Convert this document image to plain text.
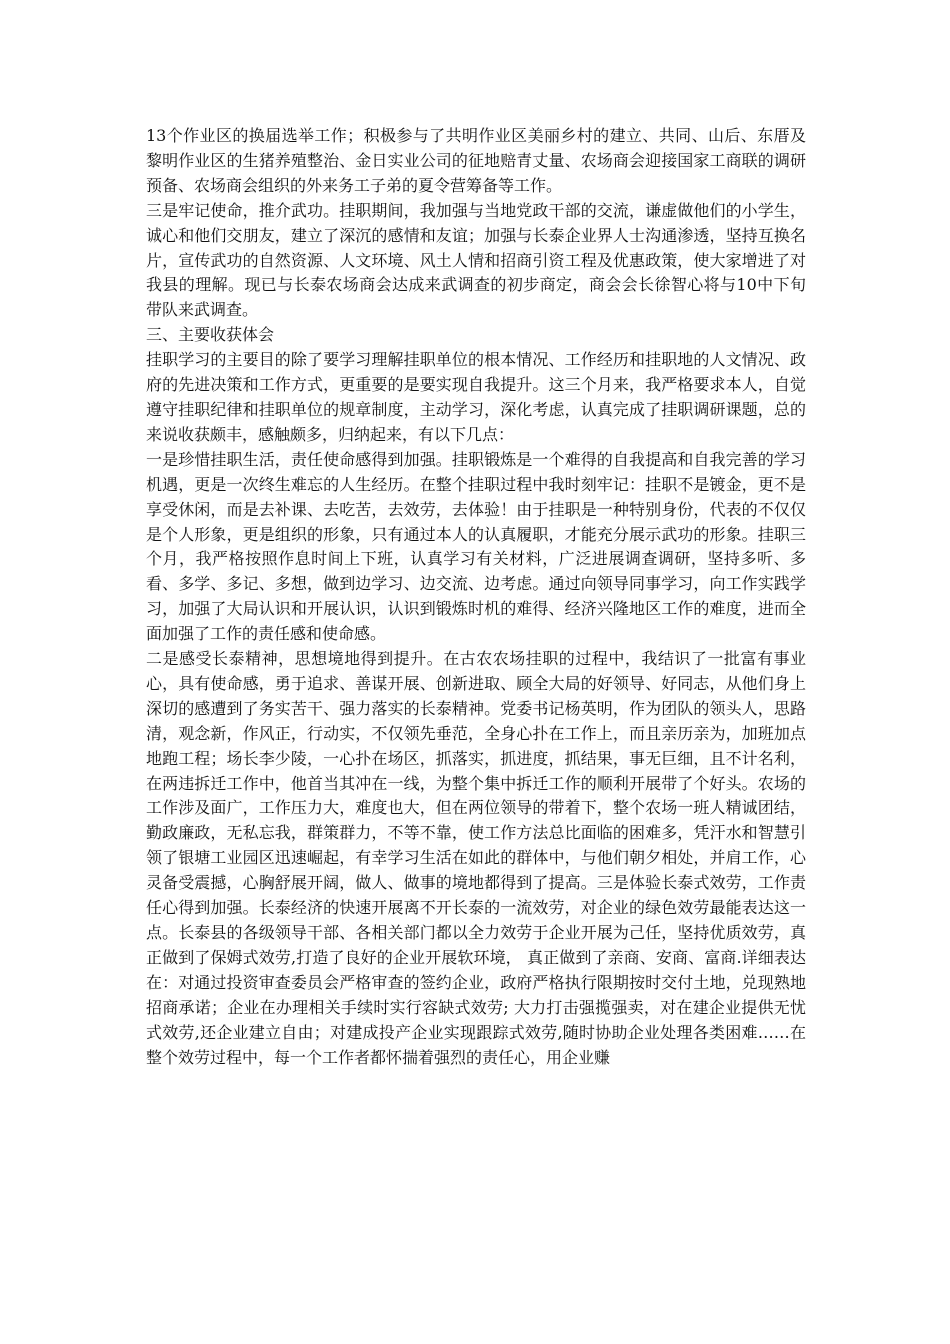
13个作业区的换届选举工作；积极参与了共明作业区美丽乡村的建立、共同、山后、东厝及黎明作业区的生猪养殖整治、金日实业公司的征地赔青丈量、农场商会迎接国家工商联的调研预备、农场商会组织的外来务工子弟的夏令营筹备等工作。

三是牢记使命，推介武功。挂职期间，我加强与当地党政干部的交流，谦虚做他们的小学生，诚心和他们交朋友，建立了深沉的感情和友谊；加强与长泰企业界人士沟通渗透，坚持互换名片，宣传武功的自然资源、人文环境、风土人情和招商引资工程及优惠政策，使大家增进了对我县的理解。现已与长泰农场商会达成来武调查的初步商定，商会会长徐智心将与10中下旬带队来武调查。

三、主要收获体会

挂职学习的主要目的除了要学习理解挂职单位的根本情况、工作经历和挂职地的人文情况、政府的先进决策和工作方式，更重要的是要实现自我提升。这三个月来，我严格要求本人，自觉遵守挂职纪律和挂职单位的规章制度，主动学习，深化考虑，认真完成了挂职调研课题，总的来说收获颇丰，感触颇多，归纳起来，有以下几点：

一是珍惜挂职生活，责任使命感得到加强。挂职锻炼是一个难得的自我提高和自我完善的学习机遇，更是一次终生难忘的人生经历。在整个挂职过程中我时刻牢记：挂职不是镀金，更不是享受休闲，而是去补课、去吃苦，去效劳，去体验！由于挂职是一种特别身份，代表的不仅仅是个人形象，更是组织的形象，只有通过本人的认真履职，才能充分展示武功的形象。挂职三个月，我严格按照作息时间上下班，认真学习有关材料，广泛进展调查调研，坚持多听、多看、多学、多记、多想，做到边学习、边交流、边考虑。通过向领导同事学习，向工作实践学习，加强了大局认识和开展认识，认识到锻炼时机的难得、经济兴隆地区工作的难度，进而全面加强了工作的责任感和使命感。

二是感受长泰精神，思想境地得到提升。在古农农场挂职的过程中，我结识了一批富有事业心，具有使命感，勇于追求、善谋开展、创新进取、顾全大局的好领导、好同志，从他们身上深切的感遭到了务实苦干、强力落实的长泰精神。党委书记杨英明，作为团队的领头人，思路清，观念新，作风正，行动实，不仅领先垂范，全身心扑在工作上，而且亲历亲为，加班加点地跑工程；场长李少陵，一心扑在场区，抓落实，抓进度，抓结果，事无巨细，且不计名利，在两违拆迁工作中，他首当其冲在一线，为整个集中拆迁工作的顺利开展带了个好头。农场的工作涉及面广，工作压力大，难度也大，但在两位领导的带着下，整个农场一班人精诚团结，勤政廉政，无私忘我，群策群力，不等不靠，使工作方法总比面临的困难多，凭汗水和智慧引领了银塘工业园区迅速崛起，有幸学习生活在如此的群体中，与他们朝夕相处，并肩工作，心灵备受震撼，心胸舒展开阔，做人、做事的境地都得到了提高。三是体验长泰式效劳，工作责任心得到加强。长泰经济的快速开展离不开长泰的一流效劳，对企业的绿色效劳最能表达这一点。长泰县的各级领导干部、各相关部门都以全力效劳于企业开展为己任，坚持优质效劳，真正做到了保姆式效劳,打造了良好的企业开展软环境， 真正做到了亲商、安商、富商.详细表达在：对通过投资审查委员会严格审查的签约企业，政府严格执行限期按时交付土地，兑现熟地招商承诺；企业在办理相关手续时实行容缺式效劳; 大力打击强揽强卖，对在建企业提供无忧式效劳,还企业建立自由；对建成投产企业实现跟踪式效劳,随时协助企业处理各类困难……在整个效劳过程中，每一个工作者都怀揣着强烈的责任心，用企业赚
